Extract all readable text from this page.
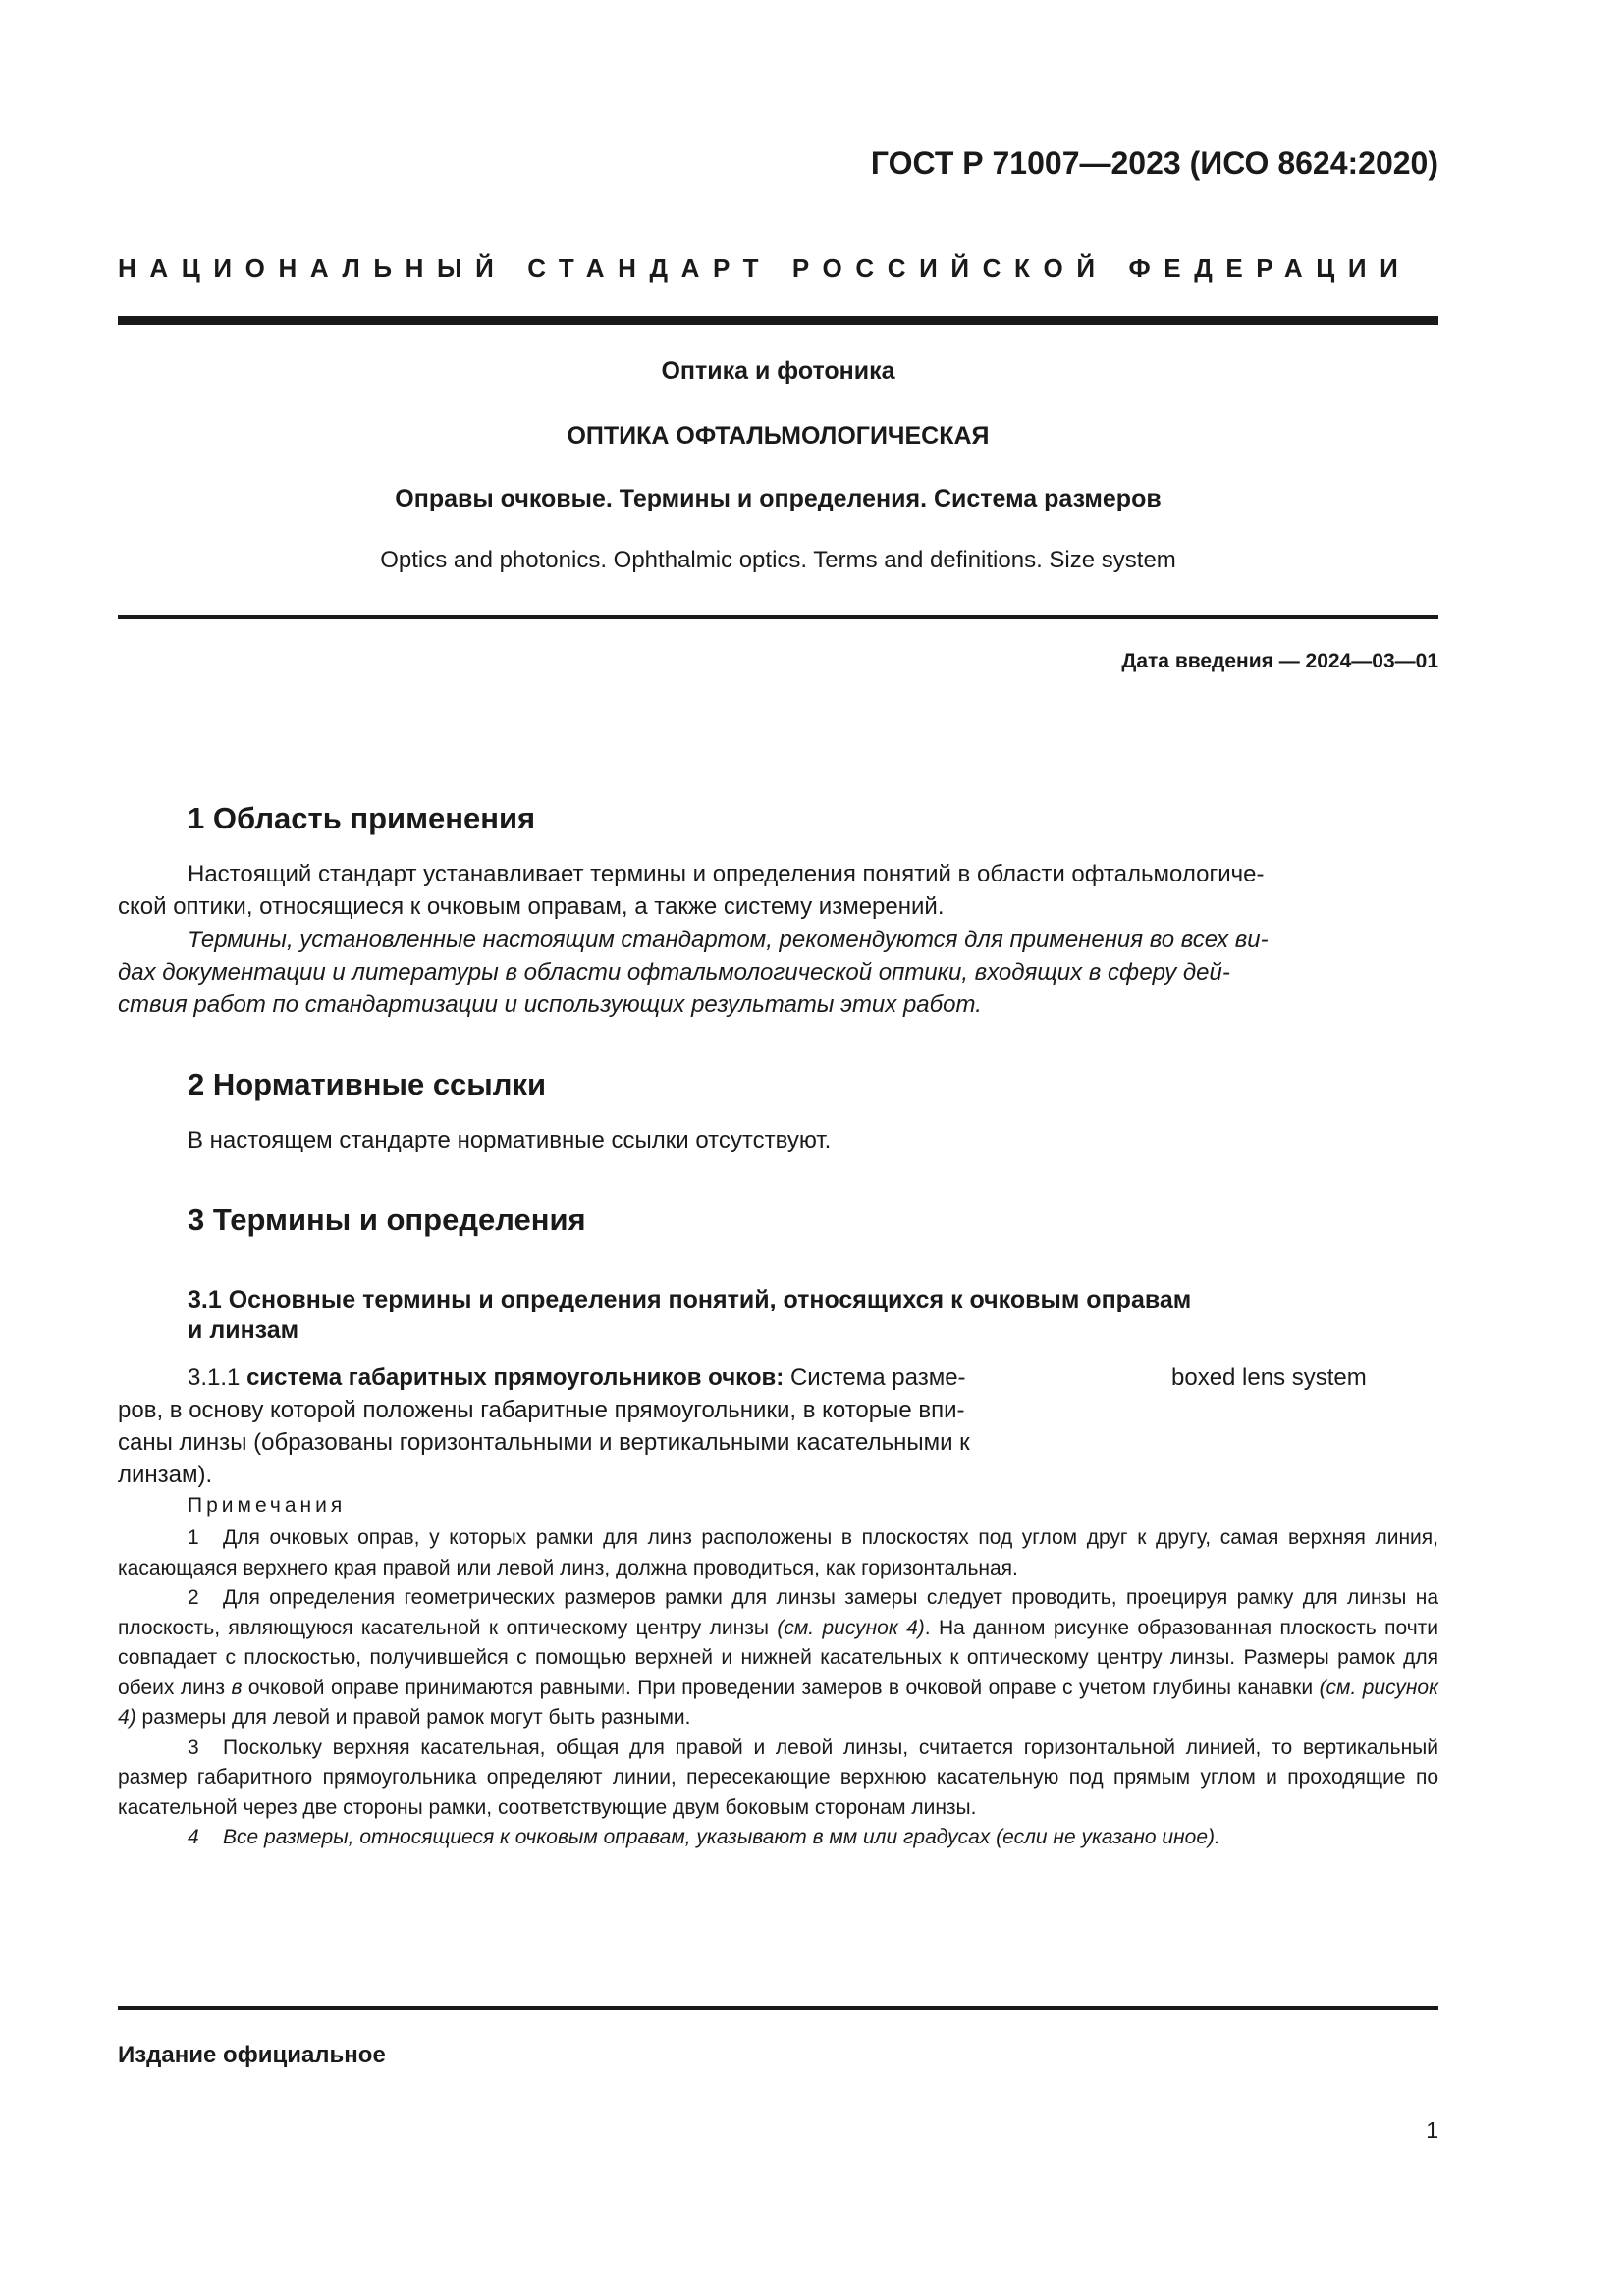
ГОСТ Р 71007—2023 (ИСО 8624:2020)
НАЦИОНАЛЬНЫЙ СТАНДАРТ РОССИЙСКОЙ ФЕДЕРАЦИИ
Оптика и фотоника
ОПТИКА ОФТАЛЬМОЛОГИЧЕСКАЯ
Оправы очковые. Термины и определения. Система размеров
Optics and photonics. Ophthalmic optics. Terms and definitions. Size system
Дата введения — 2024—03—01
1 Область применения

Настоящий стандарт устанавливает термины и определения понятий в области офтальмологиче-
ской оптики, относящиеся к очковым оправам, а также систему измерений.

Термины, установленные настоящим стандартом, рекомендуются для применения во всех ви-
дах документации и литературы в области офтальмологической оптики, входящих в сферу дей-
ствия работ по стандартизации и использующих результаты этих работ.

2 Нормативные ссылки

В настоящем стандарте нормативные ссылки отсутствуют.

3 Термины и определения
3.1 Основные термины и определения понятий, относящихся к очковым оправам
и линзам
3.1.1 система габаритных прямоугольников очков: Система разме-
ров, в основу которой положены габаритные прямоугольники, в которые впи-
саны линзы (образованы горизонтальными и вертикальными касательными к
линзам).
boxed lens system
Примечания

1 Для очковых оправ, у которых рамки для линз расположены в плоскостях под углом друг к другу, самая верхняя линия, касающаяся верхнего края правой или левой линз, должна проводиться, как горизонтальная.

2 Для определения геометрических размеров рамки для линзы замеры следует проводить, проецируя рамку для линзы на плоскость, являющуюся касательной к оптическому центру линзы (см. рисунок 4). На данном рисунке образованная плоскость почти совпадает с плоскостью, получившейся с помощью верхней и нижней касательных к оптическому центру линзы. Размеры рамок для обеих линз в очковой оправе принимаются равными. При проведении замеров в очковой оправе с учетом глубины канавки (см. рисунок 4) размеры для левой и правой рамок могут быть разными.

3 Поскольку верхняя касательная, общая для правой и левой линзы, считается горизонтальной линией, то вертикальный размер габаритного прямоугольника определяют линии, пересекающие верхнюю касательную под прямым углом и проходящие по касательной через две стороны рамки, соответствующие двум боковым сторонам линзы.

4 Все размеры, относящиеся к очковым оправам, указывают в мм или градусах (если не указано иное).

Издание официальное
1
